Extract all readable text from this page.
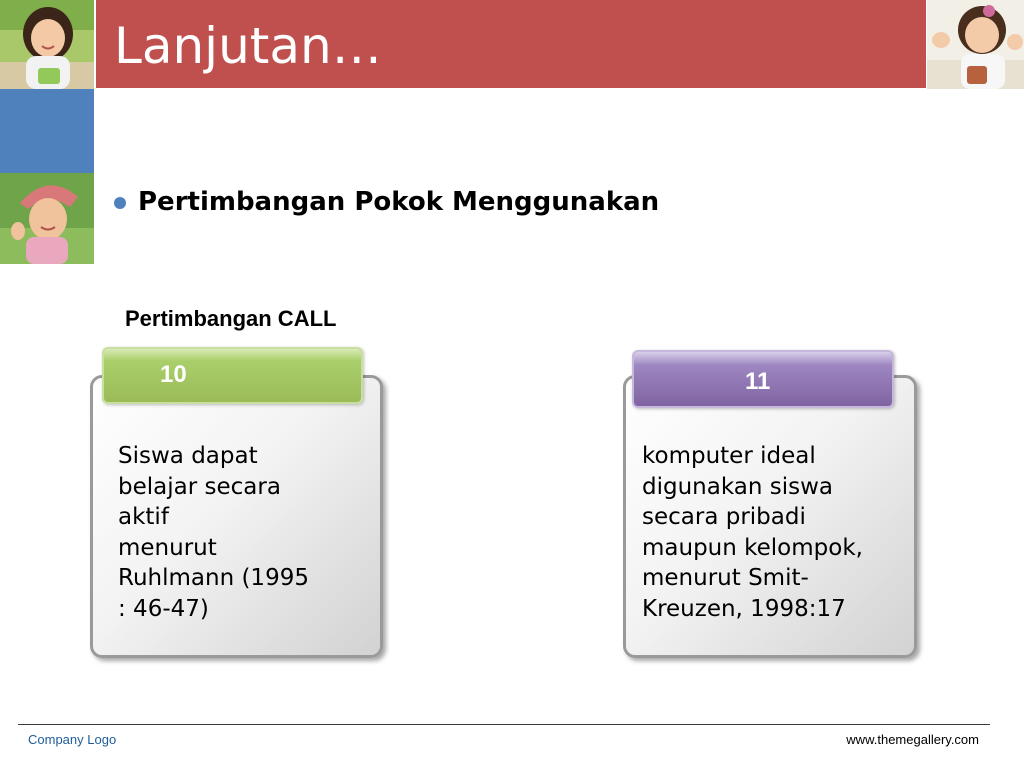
Lanjutan…
Pertimbangan Pokok Menggunakan
Pertimbangan CALL
Siswa dapat
belajar secara
aktif
menurut
Ruhlmann (1995
: 46-47)
10
komputer ideal
digunakan siswa
secara pribadi
maupun kelompok,
menurut Smit-
Kreuzen, 1998:17
11
Company Logo	www.themegallery.com
